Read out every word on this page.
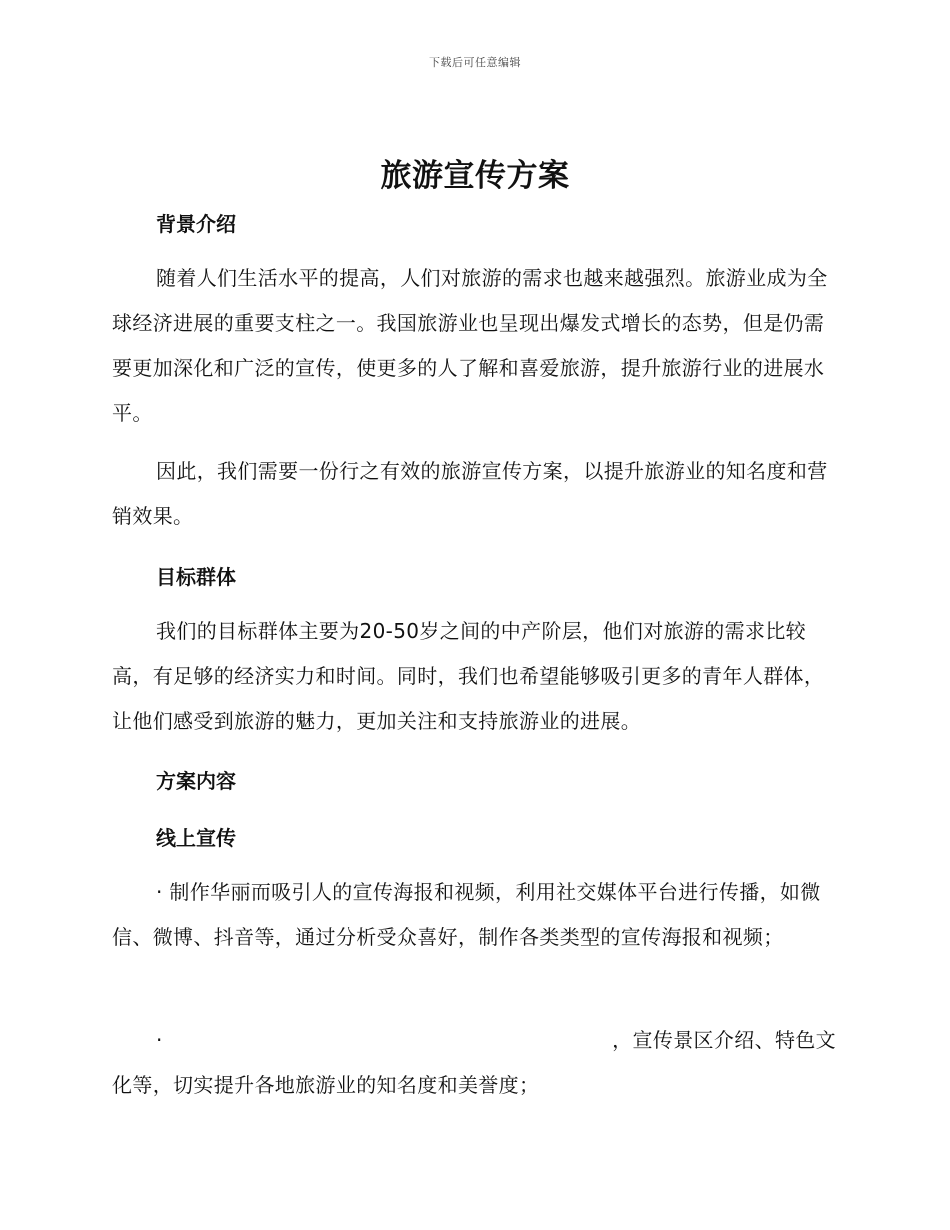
下载后可任意编辑
旅游宣传方案
背景介绍

随着人们生活水平的提高，人们对旅游的需求也越来越强烈。旅游业成为全球经济进展的重要支柱之一。我国旅游业也呈现出爆发式增长的态势，但是仍需要更加深化和广泛的宣传，使更多的人了解和喜爱旅游，提升旅游行业的进展水平。

因此，我们需要一份行之有效的旅游宣传方案，以提升旅游业的知名度和营销效果。

目标群体

我们的目标群体主要为20-50岁之间的中产阶层，他们对旅游的需求比较高，有足够的经济实力和时间。同时，我们也希望能够吸引更多的青年人群体，让他们感受到旅游的魅力，更加关注和支持旅游业的进展。

方案内容
线上宣传

· 制作华丽而吸引人的宣传海报和视频，利用社交媒体平台进行传播，如微信、微博、抖音等，通过分析受众喜好，制作各类类型的宣传海报和视频；

·	，宣传景区介绍、特色文

化等，切实提升各地旅游业的知名度和美誉度；
